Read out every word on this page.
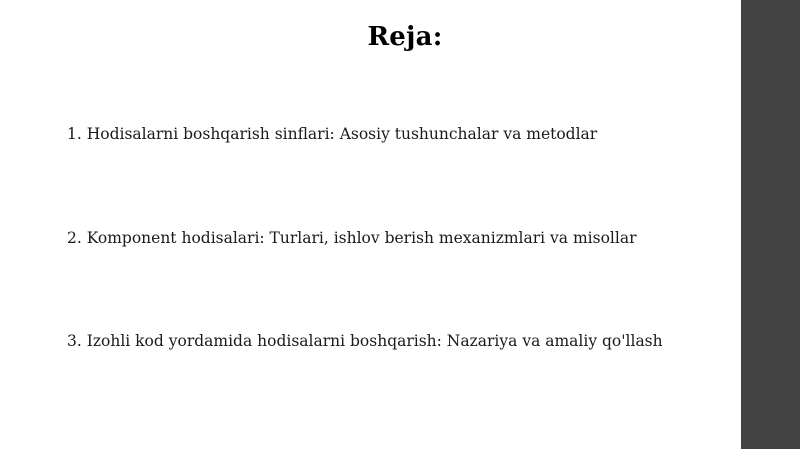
Reja:
1. Hodisalarni boshqarish sinflari: Asosiy tushunchalar va metodlar
2. Komponent hodisalari: Turlari, ishlov berish mexanizmlari va misollar
3. Izohli kod yordamida hodisalarni boshqarish: Nazariya va amaliy qo'llash
